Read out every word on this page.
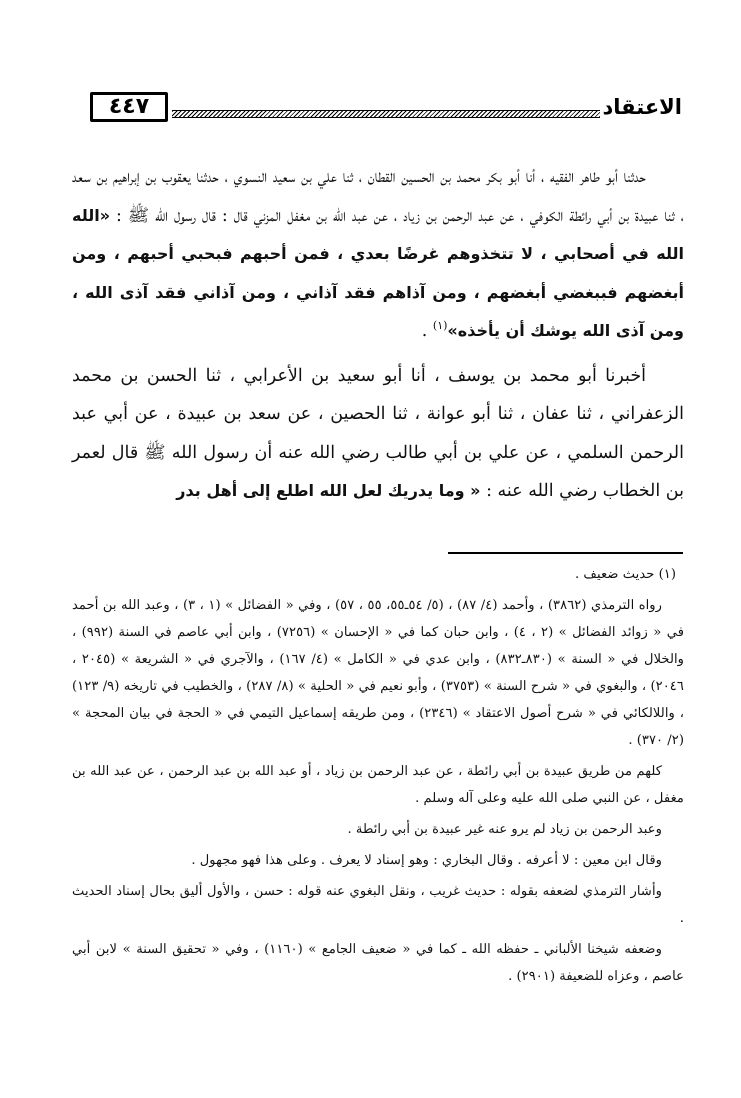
٤٤٧	الاعتقاد

حدثنا أبو طاهر الفقيه ، أنا أبو بكر محمد بن الحسين القطان ، ثنا علي بن سعيد النسوي ، حدثنا يعقوب بن إبراهيم بن سعد ، ثنا عبيدة بن أبي رائطة الكوفي ، عن عبد الرحمن بن زياد ، عن عبد الله بن مغفل المزني قال : قال رسول الله ﷺ : «الله الله في أصحابي ، لا تتخذوهم غرضًا بعدي ، فمن أحبهم فبحبي أحبهم ، ومن أبغضهم فببغضي أبغضهم ، ومن آذاهم فقد آذاني ، ومن آذاني فقد آذى الله ، ومن آذى الله يوشك أن يأخذه»$^{(١)}$ .

أخبرنا أبو محمد بن يوسف ، أنا أبو سعيد بن الأعرابي ، ثنا الحسن بن محمد الزعفراني ، ثنا عفان ، ثنا أبو عوانة ، ثنا الحصين ، عن سعد بن عبيدة ، عن أبي عبد الرحمن السلمي ، عن علي بن أبي طالب رضي الله عنه أن رسول الله ﷺ قال لعمر بن الخطاب رضي الله عنه : « وما يدريك لعل الله اطلع إلى أهل بدر

(١) حديث ضعيف .

رواه الترمذي (٣٨٦٢) ، وأحمد (٤/ ٨٧) ، (٥/ ٥٤ـ٥٥، ٥٥ ، ٥٧) ، وفي « الفضائل » (١ ، ٣) ، وعبد الله بن أحمد في « زوائد الفضائل » (٢ ، ٤) ، وابن حبان كما في « الإحسان » (٧٢٥٦) ، وابن أبي عاصم في السنة (٩٩٢) ، والخلال في « السنة » (٨٣٠ـ٨٣٢) ، وابن عدي في « الكامل » (٤/ ١٦٧) ، والآجري في « الشريعة » (٢٠٤٥ ، ٢٠٤٦) ، والبغوي في « شرح السنة » (٣٧٥٣) ، وأبو نعيم في « الحلية » (٨/ ٢٨٧) ، والخطيب في تاريخه (٩/ ١٢٣) ، واللالكائي في « شرح أصول الاعتقاد » (٢٣٤٦) ، ومن طريقه إسماعيل التيمي في « الحجة في بيان المحجة » (٢/ ٣٧٠) .

كلهم من طريق عبيدة بن أبي رائطة ، عن عبد الرحمن بن زياد ، أو عبد الله بن عبد الرحمن ، عن عبد الله بن مغفل ، عن النبي صلى الله عليه وعلى آله وسلم .

وعبد الرحمن بن زياد لم يرو عنه غير عبيدة بن أبي رائطة .

وقال ابن معين : لا أعرفه . وقال البخاري : وهو إسناد لا يعرف . وعلى هذا فهو مجهول .

وأشار الترمذي لضعفه بقوله : حديث غريب ، ونقل البغوي عنه قوله : حسن ، والأول أليق بحال إسناد الحديث .

وضعفه شيخنا الألباني ـ حفظه الله ـ كما في « ضعيف الجامع » (١١٦٠) ، وفي « تحقيق السنة » لابن أبي عاصم ، وعزاه للضعيفة (٢٩٠١) .
